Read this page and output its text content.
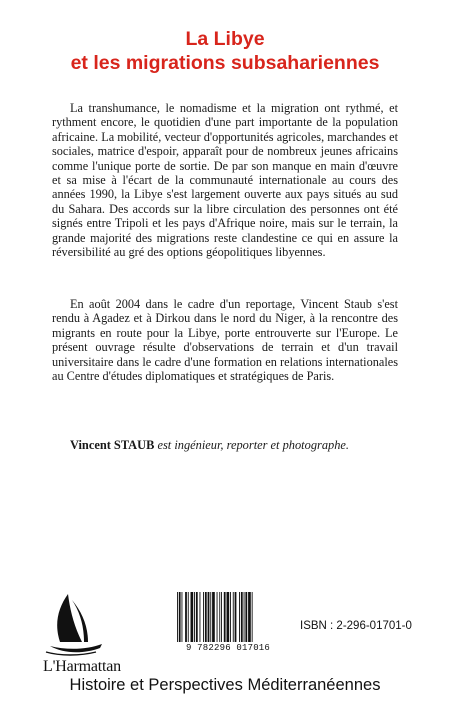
La Libye
et les migrations subsahariennes

La transhumance, le nomadisme et la migration ont rythmé, et rythment encore, le quotidien d'une part importante de la population africaine. La mobilité, vecteur d'opportunités agricoles, marchandes et sociales, matrice d'espoir, apparaît pour de nombreux jeunes africains comme l'unique porte de sortie. De par son manque en main d'œuvre et sa mise à l'écart de la communauté internationale au cours des années 1990, la Libye s'est largement ouverte aux pays situés au sud du Sahara. Des accords sur la libre circulation des personnes ont été signés entre Tripoli et les pays d'Afrique noire, mais sur le terrain, la grande majorité des migrations reste clandestine ce qui en assure la réversibilité au gré des options géopolitiques libyennes.

En août 2004 dans le cadre d'un reportage, Vincent Staub s'est rendu à Agadez et à Dirkou dans le nord du Niger, à la rencontre des migrants en route pour la Libye, porte entrouverte sur l'Europe. Le présent ouvrage résulte d'observations de terrain et d'un travail universitaire dans le cadre d'une formation en relations internationales au Centre d'études diplomatiques et stratégiques de Paris.

Vincent STAUB est ingénieur, reporter et photographe.
L'Harmattan
9 782296 017016
ISBN : 2-296-01701-0
Histoire et Perspectives Méditerranéennes
